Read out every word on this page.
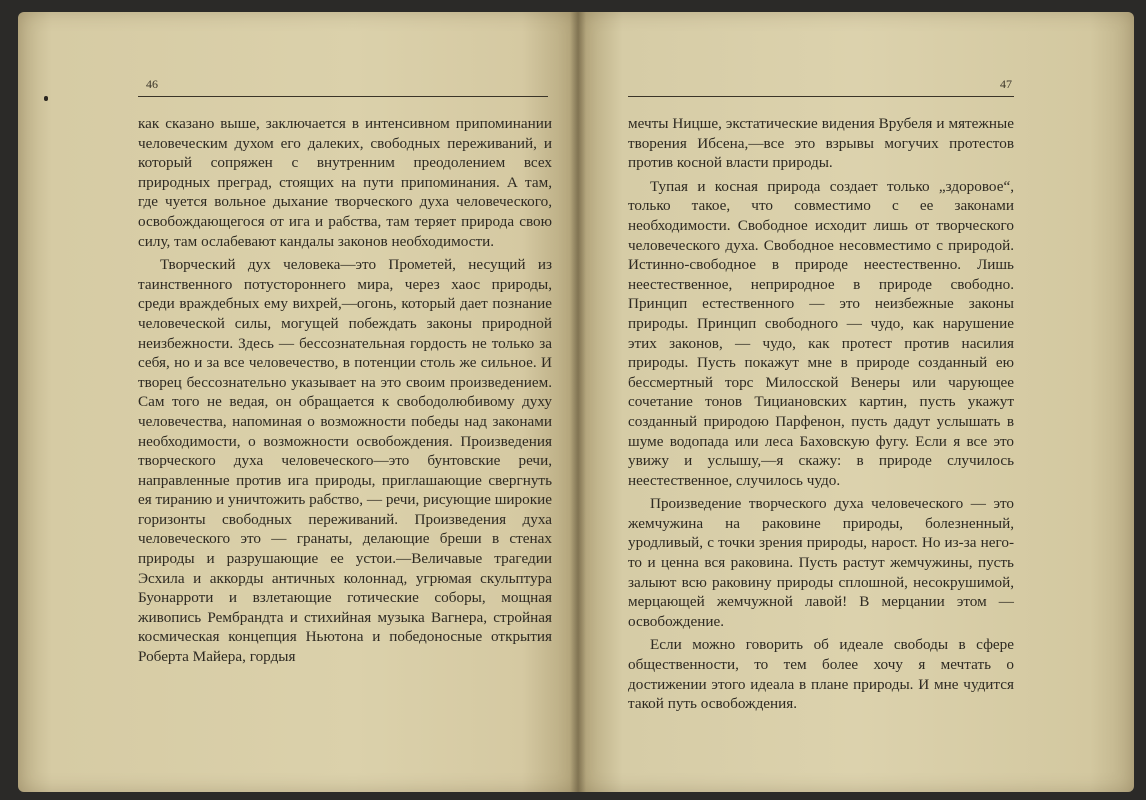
46

как сказано выше, заключается в интенсивном припоминании человеческим духом его далеких, свободных переживаний, и который сопряжен с внутренним преодолением всех природных преград, стоящих на пути припоминания. А там, где чуется вольное дыхание творческого духа человеческого, освобождающегося от ига и рабства, там теряет природа свою силу, там ослабевают кандалы законов необходимости.

Творческий дух человека—это Прометей, несущий из таинственного потустороннего мира, через хаос природы, среди враждебных ему вихрей,—огонь, который дает познание человеческой силы, могущей побеждать законы природной неизбежности. Здесь — бессознательная гордость не только за себя, но и за все человечество, в потенции столь же сильное. И творец бессознательно указывает на это своим произведением. Сам того не ведая, он обращается к свободолюбивому духу человечества, напоминая о возможности победы над законами необходимости, о возможности освобождения. Произведения творческого духа человеческого—это бунтовские речи, направленные против ига природы, приглашающие свергнуть ея тиранию и уничтожить рабство, — речи, рисующие широкие горизонты свободных переживаний. Произведения духа человеческого это — гранаты, делающие бреши в стенах природы и разрушающие ее устои.—Величавые трагедии Эсхила и аккорды античных колоннад, угрюмая скульптура Буонарроти и взлетающие готические соборы, мощная живопись Рембрандта и стихийная музыка Вагнера, стройная космическая концепция Ньютона и победоносные открытия Роберта Майера, гордыя

47

мечты Ницше, экстатические видения Врубеля и мятежные творения Ибсена,—все это взрывы могучих протестов против косной власти природы.

Тупая и косная природа создает только „здоровое“, только такое, что совместимо с ее законами необходимости. Свободное исходит лишь от творческого человеческого духа. Свободное несовместимо с природой. Истинно-свободное в природе неестественно. Лишь неестественное, неприродное в природе свободно. Принцип естественного — это неизбежные законы природы. Принцип свободного — чудо, как нарушение этих законов, — чудо, как протест против насилия природы. Пусть покажут мне в природе созданный ею бессмертный торс Милосской Венеры или чарующее сочетание тонов Тициановских картин, пусть укажут созданный природою Парфенон, пусть дадут услышать в шуме водопада или леса Баховскую фугу. Если я все это увижу и услышу,—я скажу: в природе случилось неестественное, случилось чудо.

Произведение творческого духа человеческого — это жемчужина на раковине природы, болезненный, уродливый, с точки зрения природы, нарост. Но из-за него-то и ценна вся раковина. Пусть растут жемчужины, пусть залыют всю раковину природы сплошной, несокрушимой, мерцающей жемчужной лавой! В мерцании этом — освобождение.

Если можно говорить об идеале свободы в сфере общественности, то тем более хочу я мечтать о достижении этого идеала в плане природы. И мне чудится такой путь освобождения.
